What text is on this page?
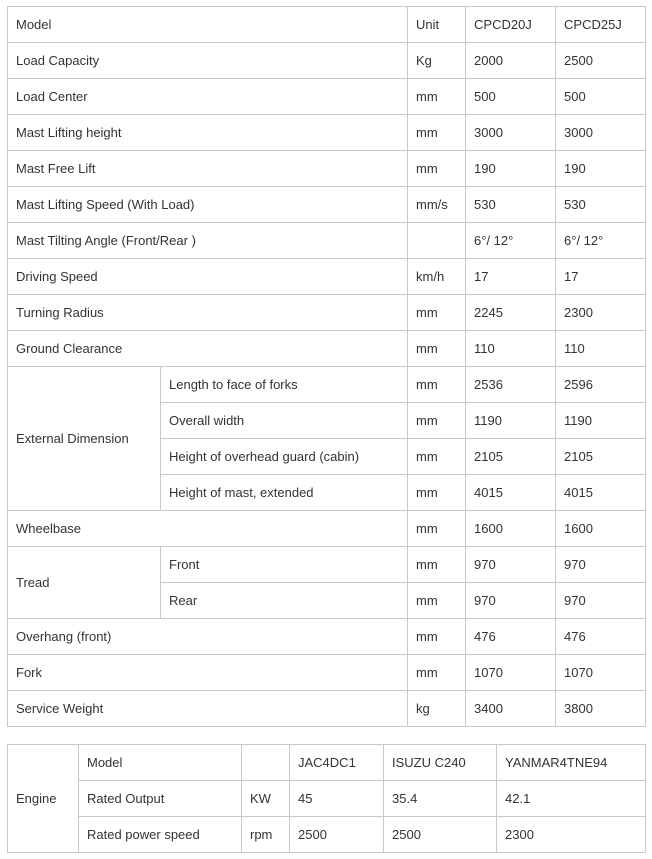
Model		Unit	CPCD20J	CPCD25J
Load Capacity		Kg	2000	2500
Load Center		mm	500	500
Mast Lifting height		mm	3000	3000
Mast Free Lift		mm	190	190
Mast Lifting Speed (With Load)		mm/s	530	530
Mast Tilting Angle (Front/Rear )			6°/ 12°	6°/ 12°
Driving Speed		km/h	17	17
Turning Radius		mm	2245	2300
Ground Clearance		mm	110	110
External Dimension	Length to face of forks	mm	2536	2596
	Overall width	mm	1190	1190
	Height of overhead guard (cabin)	mm	2105	2105
	Height of mast, extended	mm	4015	4015
Wheelbase		mm	1600	1600
Tread	Front	mm	970	970
	Rear	mm	970	970
Overhang (front)		mm	476	476
Fork		mm	1070	1070
Service Weight		kg	3400	3800
Engine	Model		JAC4DC1	ISUZU C240	YANMAR4TNE94
	Rated Output	KW	45	35.4	42.1
	Rated power speed	rpm	2500	2500	2300
